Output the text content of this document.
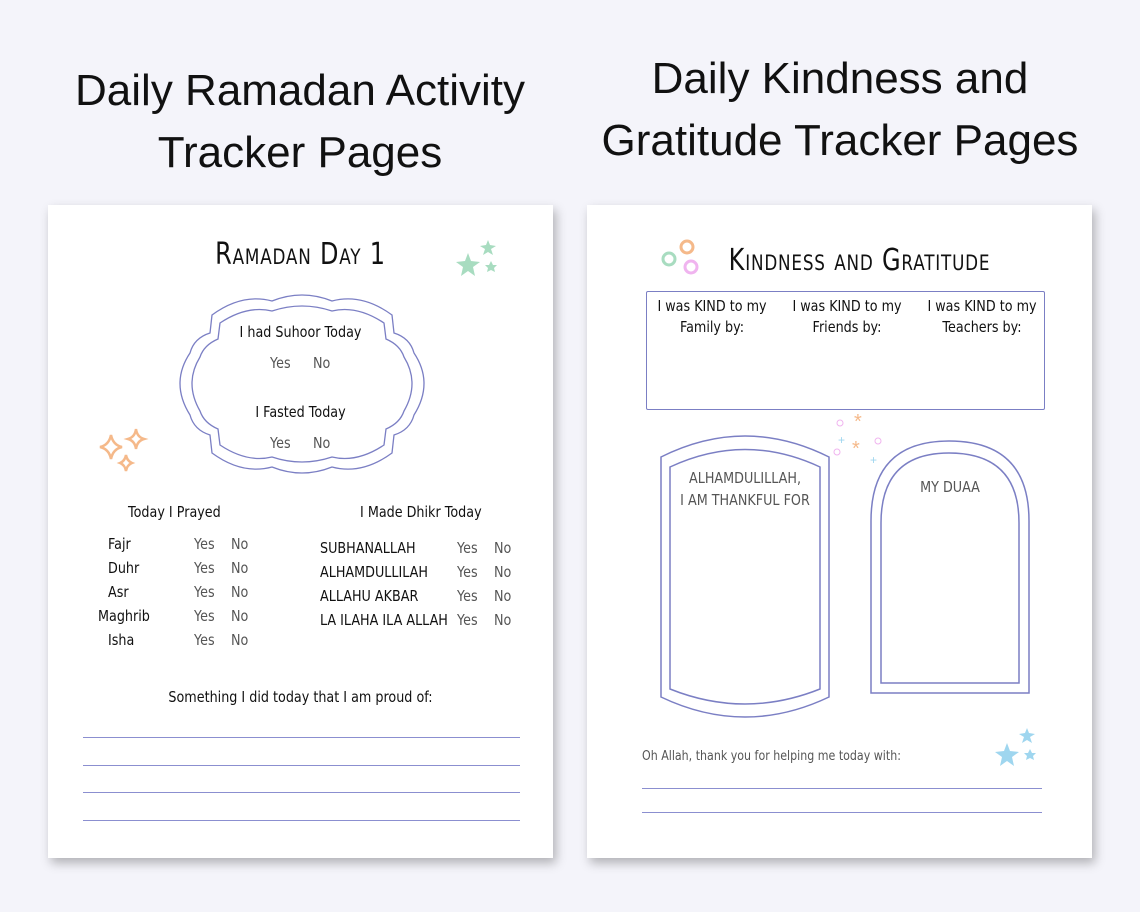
Daily Ramadan Activity
Tracker Pages
Daily Kindness and
Gratitude Tracker Pages
Ramadan Day 1
I had Suhoor Today
Yes No
I Fasted Today
Yes No
Today I Prayed	I Made Dhikr Today
Fajr
Duhr
Asr
Maghrib
Isha
Yes No
Yes No
Yes No
Yes No
Yes No
SUBHANALLAH
ALHAMDULLILAH
ALLAHU AKBAR
LA ILAHA ILA ALLAH
Yes No
Yes No
Yes No
Yes No
Something I did today that I am proud of:
Kindness and Gratitude
I was KIND to my
Family by:
I was KIND to my
Friends by:
I was KIND to my
Teachers by:
*
*
+
+
ALHAMDULILLAH,
I AM THANKFUL FOR
MY DUAA
Oh Allah, thank you for helping me today with:
